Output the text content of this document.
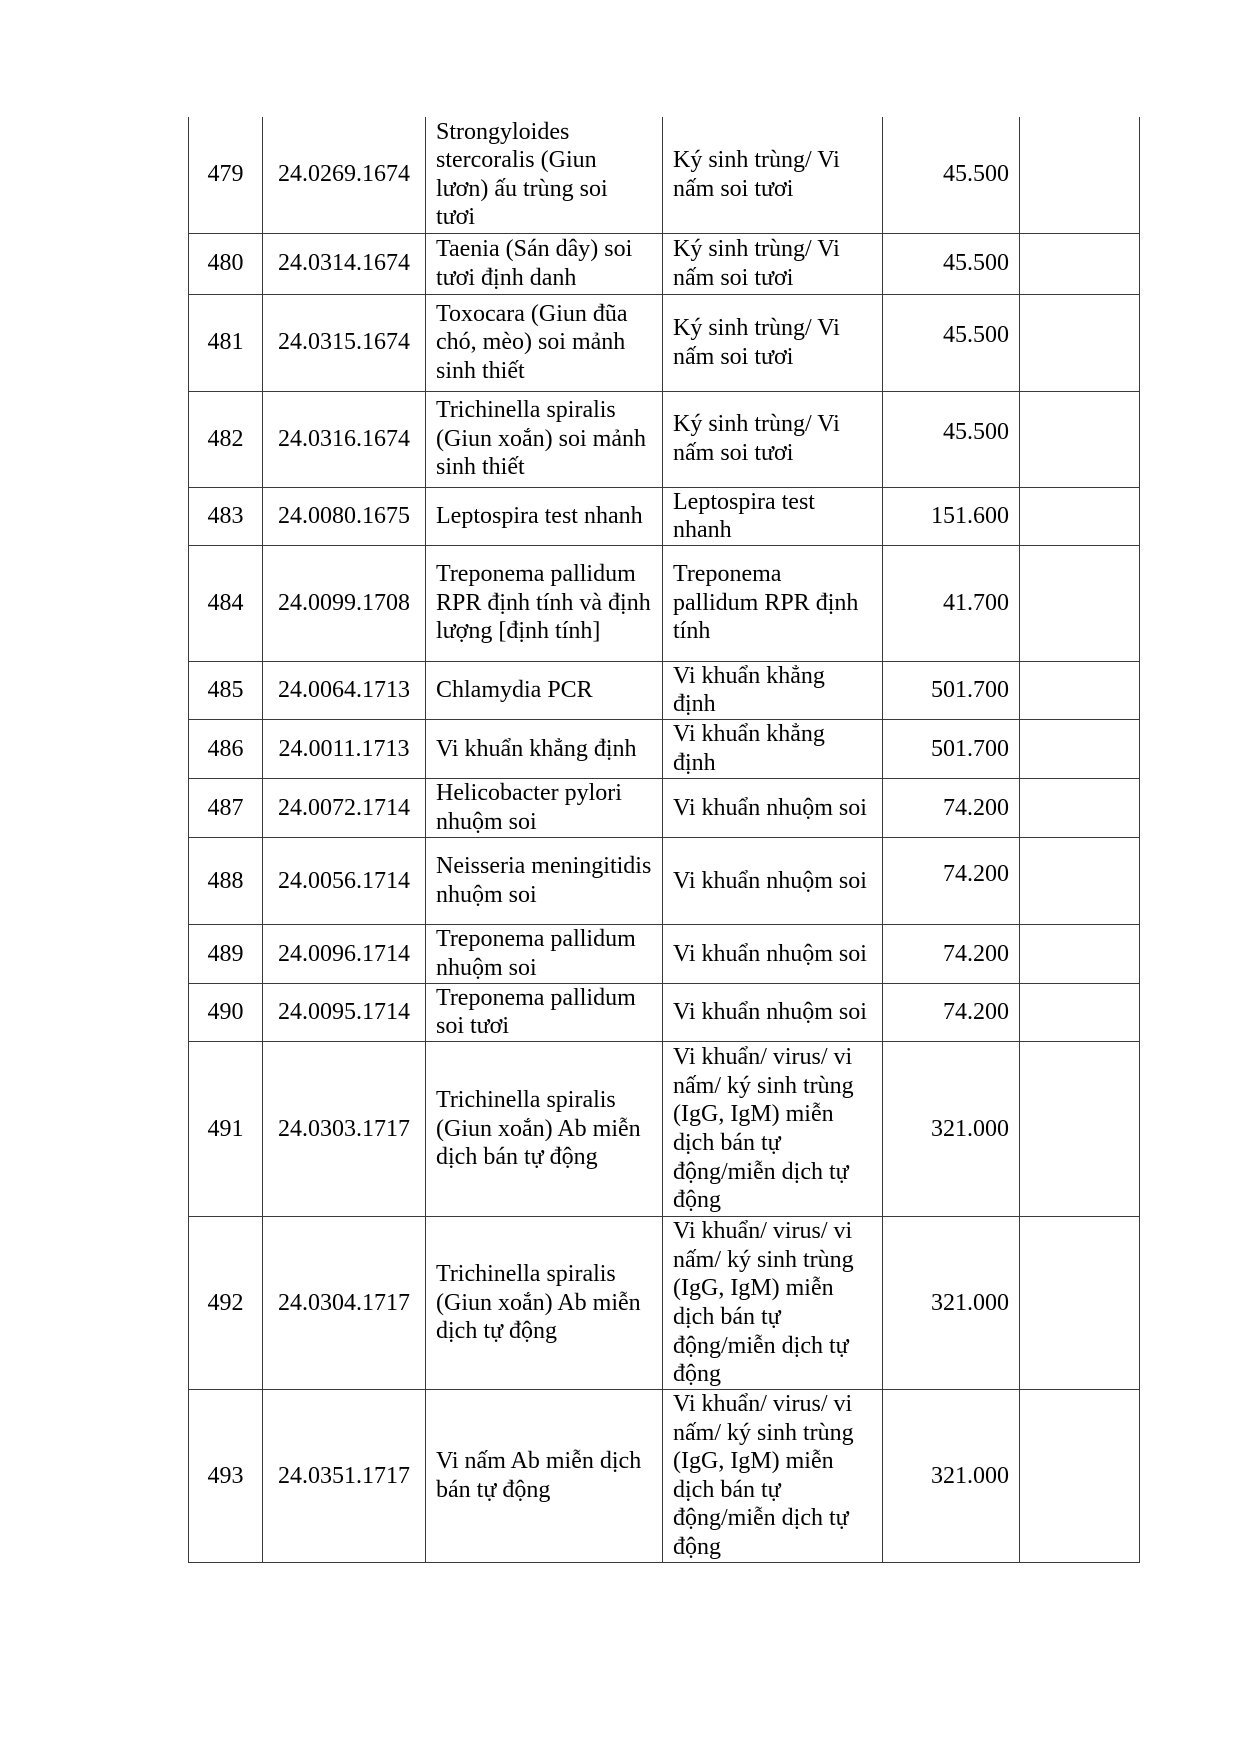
479	24.0269.1674	Strongyloides stercoralis (Giun lươn) ấu trùng soi tươi	Ký sinh trùng/ Vi nấm soi tươi	45.500	
480	24.0314.1674	Taenia (Sán dây) soi tươi định danh	Ký sinh trùng/ Vi nấm soi tươi	45.500	
481	24.0315.1674	Toxocara (Giun đũa chó, mèo) soi mảnh sinh thiết	Ký sinh trùng/ Vi nấm soi tươi	45.500	
482	24.0316.1674	Trichinella spiralis (Giun xoắn) soi mảnh sinh thiết	Ký sinh trùng/ Vi nấm soi tươi	45.500	
483	24.0080.1675	Leptospira test nhanh	Leptospira test nhanh	151.600	
484	24.0099.1708	Treponema pallidum RPR định tính và định lượng [định tính]	Treponema pallidum RPR định tính	41.700	
485	24.0064.1713	Chlamydia PCR	Vi khuẩn khẳng định	501.700	
486	24.0011.1713	Vi khuẩn khẳng định	Vi khuẩn khẳng định	501.700	
487	24.0072.1714	Helicobacter pylori nhuộm soi	Vi khuẩn nhuộm soi	74.200	
488	24.0056.1714	Neisseria meningitidis nhuộm soi	Vi khuẩn nhuộm soi	74.200	
489	24.0096.1714	Treponema pallidum nhuộm soi	Vi khuẩn nhuộm soi	74.200	
490	24.0095.1714	Treponema pallidum soi tươi	Vi khuẩn nhuộm soi	74.200	
491	24.0303.1717	Trichinella spiralis (Giun xoắn) Ab miễn dịch bán tự động	Vi khuẩn/ virus/ vi nấm/ ký sinh trùng (IgG, IgM) miễn dịch bán tự động/miễn dịch tự động	321.000	
492	24.0304.1717	Trichinella spiralis (Giun xoắn) Ab miễn dịch tự động	Vi khuẩn/ virus/ vi nấm/ ký sinh trùng (IgG, IgM) miễn dịch bán tự động/miễn dịch tự động	321.000	
493	24.0351.1717	Vi nấm Ab miễn dịch bán tự động	Vi khuẩn/ virus/ vi nấm/ ký sinh trùng (IgG, IgM) miễn dịch bán tự động/miễn dịch tự động	321.000	
